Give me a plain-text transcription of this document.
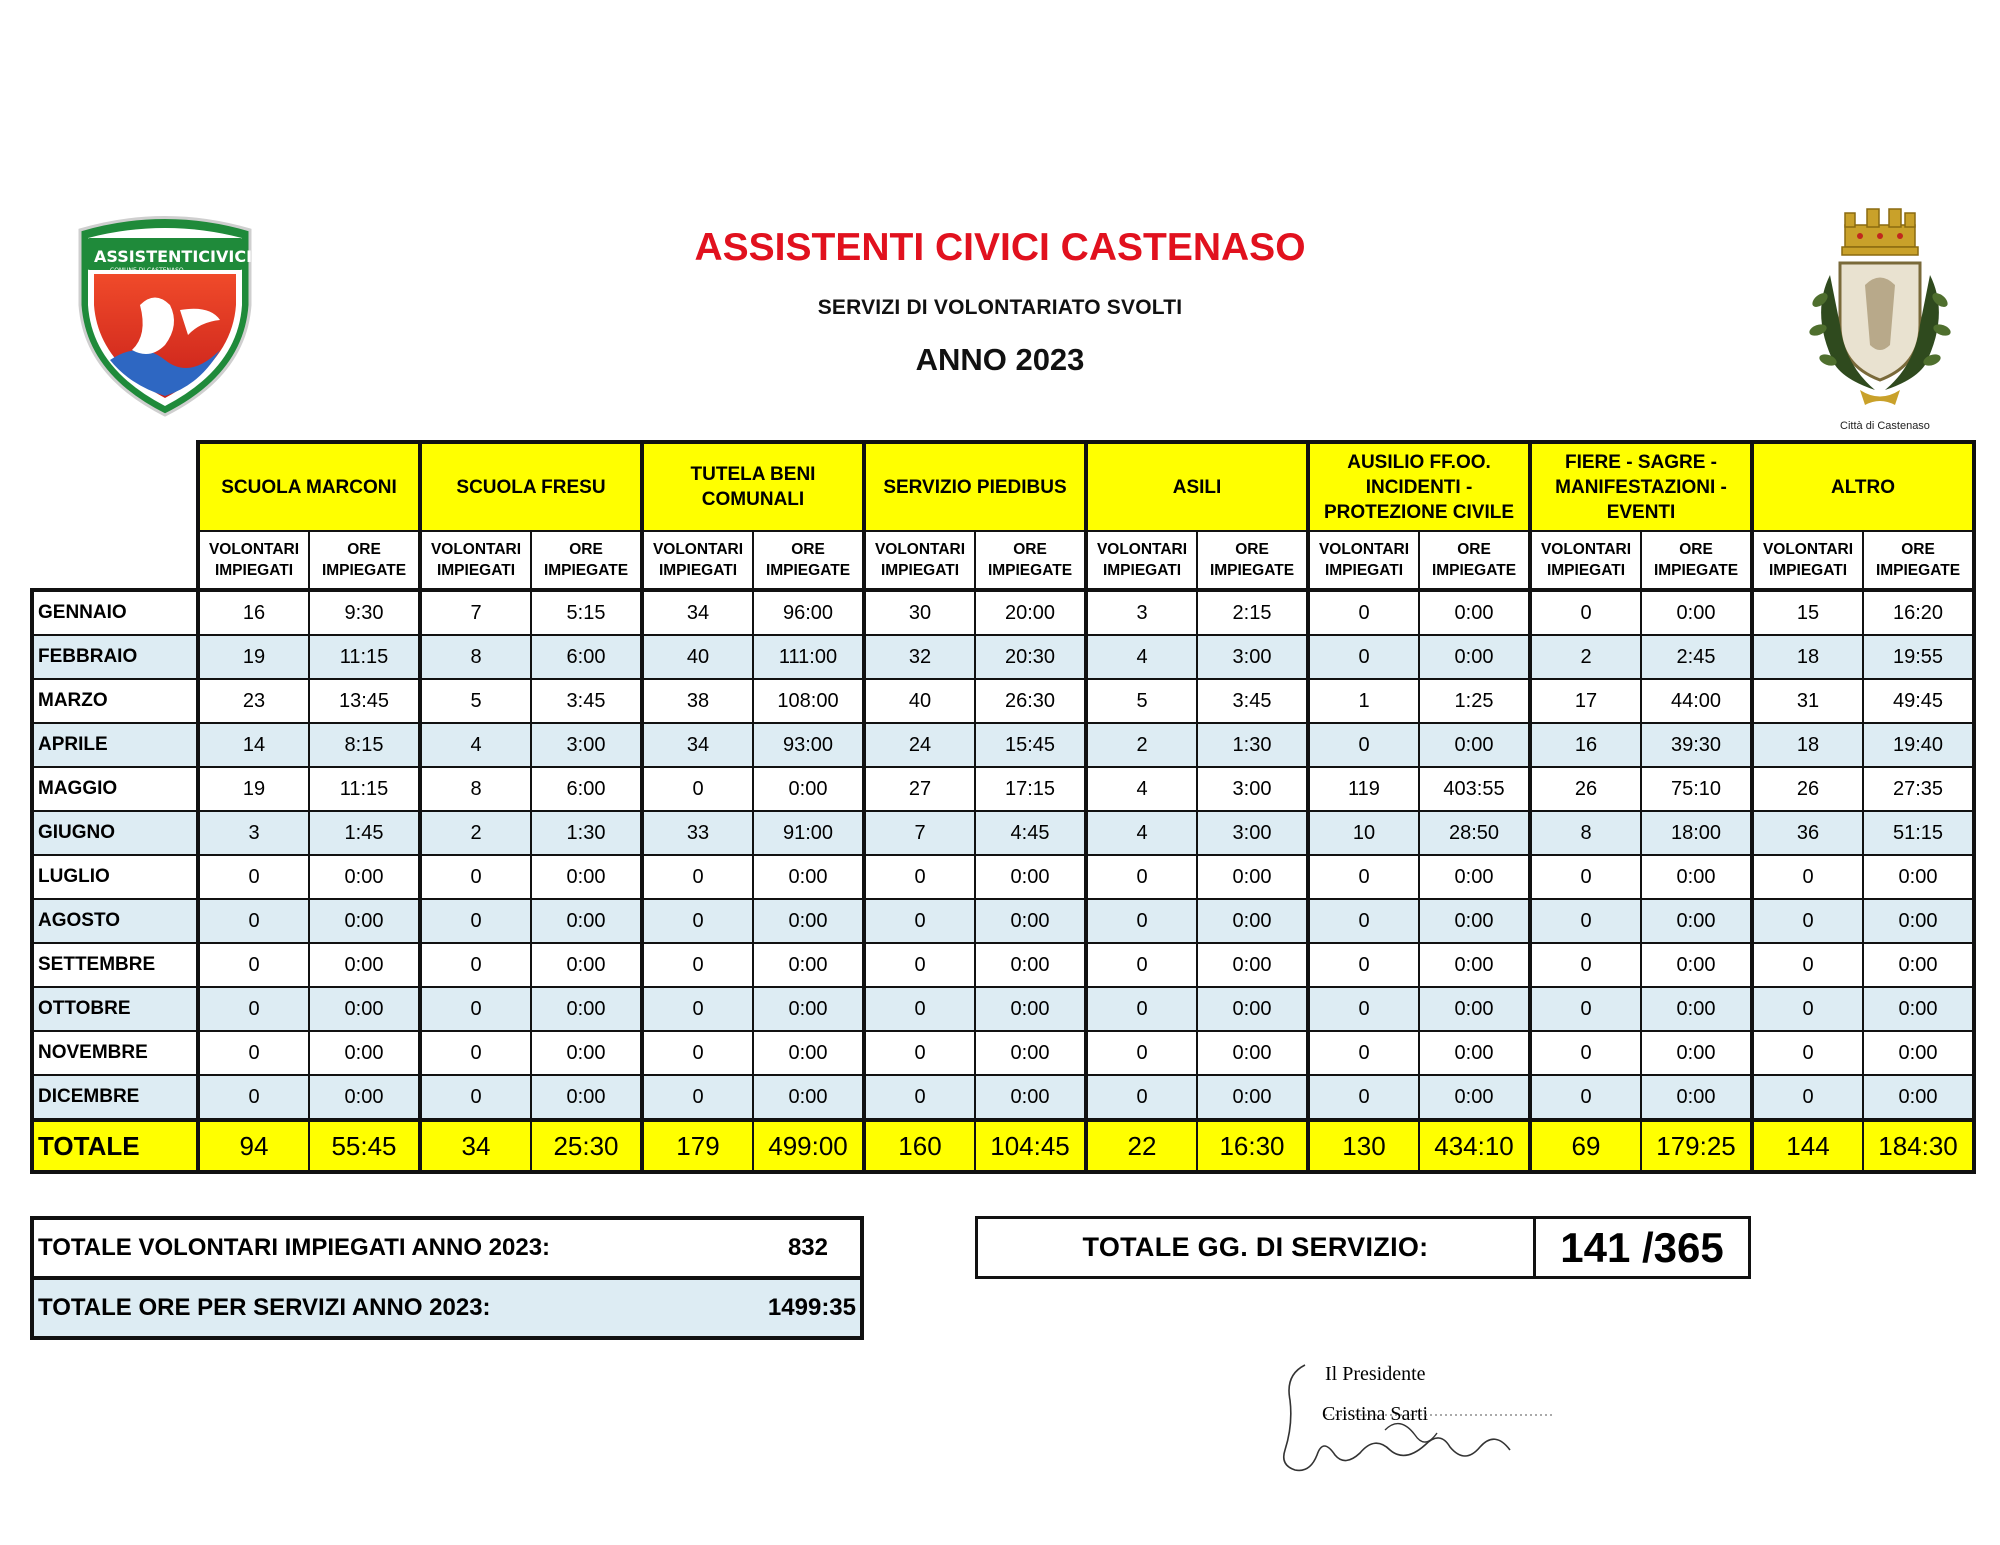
ASSISTENTI CIVICI CASTENASO
SERVIZI DI VOLONTARIATO SVOLTI
ANNO 2023
ASSISTENTICIVICI
COMUNE DI CASTENASO
Città di Castenaso
	SCUOLA MARCONI		SCUOLA FRESU		TUTELA BENI COMUNALI		SERVIZIO PIEDIBUS		ASILI		AUSILIO FF.OO. INCIDENTI - PROTEZIONE CIVILE		FIERE - SAGRE - MANIFESTAZIONI - EVENTI		ALTRO	
	VOLONTARI IMPIEGATI	ORE IMPIEGATE	VOLONTARI IMPIEGATI	ORE IMPIEGATE	VOLONTARI IMPIEGATI	ORE IMPIEGATE	VOLONTARI IMPIEGATI	ORE IMPIEGATE	VOLONTARI IMPIEGATI	ORE IMPIEGATE	VOLONTARI IMPIEGATI	ORE IMPIEGATE	VOLONTARI IMPIEGATI	ORE IMPIEGATE	VOLONTARI IMPIEGATI	ORE IMPIEGATE
GENNAIO	16	9:30	7	5:15	34	96:00	30	20:00	3	2:15	0	0:00	0	0:00	15	16:20
FEBBRAIO	19	11:15	8	6:00	40	111:00	32	20:30	4	3:00	0	0:00	2	2:45	18	19:55
MARZO	23	13:45	5	3:45	38	108:00	40	26:30	5	3:45	1	1:25	17	44:00	31	49:45
APRILE	14	8:15	4	3:00	34	93:00	24	15:45	2	1:30	0	0:00	16	39:30	18	19:40
MAGGIO	19	11:15	8	6:00	0	0:00	27	17:15	4	3:00	119	403:55	26	75:10	26	27:35
GIUGNO	3	1:45	2	1:30	33	91:00	7	4:45	4	3:00	10	28:50	8	18:00	36	51:15
LUGLIO	0	0:00	0	0:00	0	0:00	0	0:00	0	0:00	0	0:00	0	0:00	0	0:00
AGOSTO	0	0:00	0	0:00	0	0:00	0	0:00	0	0:00	0	0:00	0	0:00	0	0:00
SETTEMBRE	0	0:00	0	0:00	0	0:00	0	0:00	0	0:00	0	0:00	0	0:00	0	0:00
OTTOBRE	0	0:00	0	0:00	0	0:00	0	0:00	0	0:00	0	0:00	0	0:00	0	0:00
NOVEMBRE	0	0:00	0	0:00	0	0:00	0	0:00	0	0:00	0	0:00	0	0:00	0	0:00
DICEMBRE	0	0:00	0	0:00	0	0:00	0	0:00	0	0:00	0	0:00	0	0:00	0	0:00
TOTALE	94	55:45	34	25:30	179	499:00	160	104:45	22	16:30	130	434:10	69	179:25	144	184:30
TOTALE VOLONTARI IMPIEGATI ANNO 2023:	832
TOTALE ORE PER SERVIZI ANNO 2023:	1499:35
TOTALE GG. DI SERVIZIO:	141 /365
Il Presidente
Cristina Sarti
